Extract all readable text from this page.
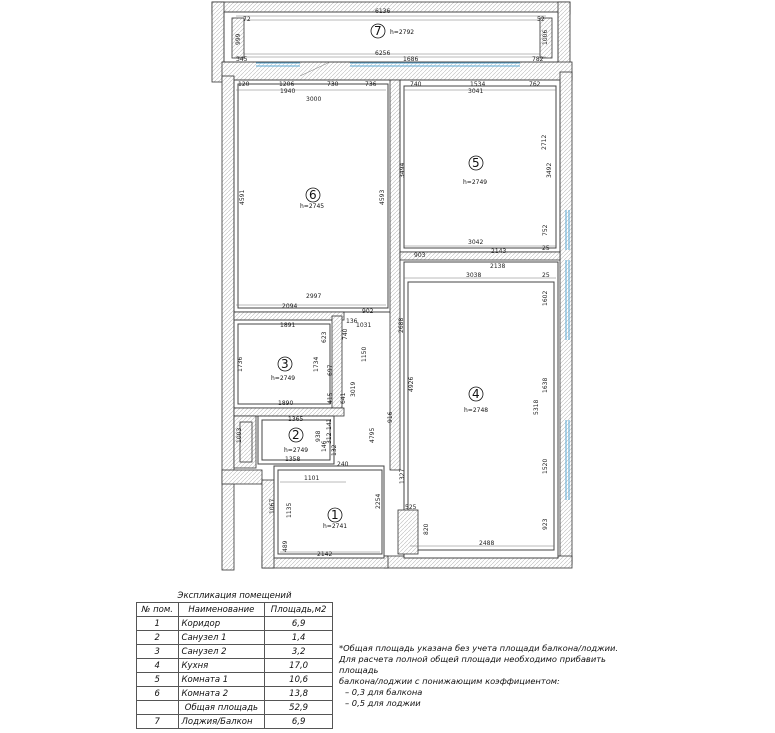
7 h=2792
6
h=2745
5
h=2749
4
h=2748
3
h=2749
2
h=2749
1
h=2741
6136
72	52
999	1006
6256
1686	782
345
1206	730	736	740	1534	762
120
1940	3041
3000
4591	4593
3494	3492
2712
3042
2143
903
2138
3038
752
25
25
2997
2094
902
1891
623
136
1031
740
1736	1734 697
1150
2688
4926
1602
1890	415 641
3019
1365
1003	938
141
312
146 132
1638
5318
916
4795
1358
240
1101	1327
1520
1067 1135
2254	525
820	923
2488
489
2142
Экспликация помещений		
№ пом.	Наименование	Площадь,м2
1	Коридор	6,9
2	Санузел 1	1,4
3	Санузел 2	3,2
4	Кухня	17,0
5	Комната 1	10,6
6	Комната 2	13,8
	Общая площадь	52,9
7	Лоджия/Балкон	6,9

*Общая площадь указана без учета площади балкона/лоджии.

Для расчета полной общей площади необходимо прибавить

площадь

балкона/лоджии с понижающим коэффициентом:

– 0,3 для балкона

– 0,5 для лоджии
